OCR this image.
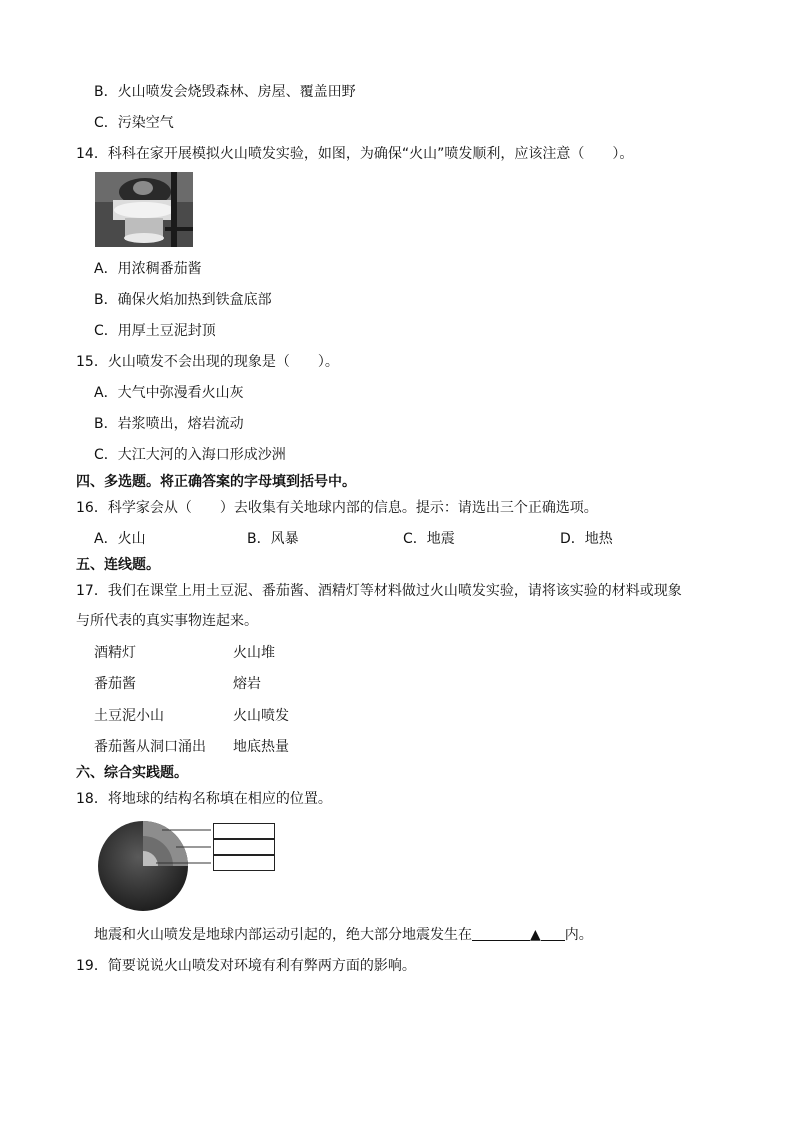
B．火山喷发会烧毁森林、房屋、覆盖田野
C．污染空气
14．科科在家开展模拟火山喷发实验，如图，为确保“火山”喷发顺利，应该注意（　　）。
A．用浓稠番茄酱
B．确保火焰加热到铁盒底部
C．用厚土豆泥封顶
15．火山喷发不会出现的现象是（　　）。
A．大气中弥漫看火山灰
B．岩浆喷出，熔岩流动
C．大江大河的入海口形成沙洲
四、多选题。将正确答案的字母填到括号中。
16．科学家会从（　　）去收集有关地球内部的信息。提示：请选出三个正确选项。
A．火山	B．风暴	C．地震	D．地热
五、连线题。
17．我们在课堂上用土豆泥、番茄酱、酒精灯等材料做过火山喷发实验，请将该实验的材料或现象
与所代表的真实事物连起来。
酒精灯	火山堆
番茄酱	熔岩
土豆泥小山	火山喷发
番茄酱从洞口涌出 地底热量
六、综合实践题。
18．将地球的结构名称填在相应的位置。
地震和火山喷发是地球内部运动引起的，绝大部分地震发生在	▲ 内。
19．简要说说火山喷发对环境有利有弊两方面的影响。
